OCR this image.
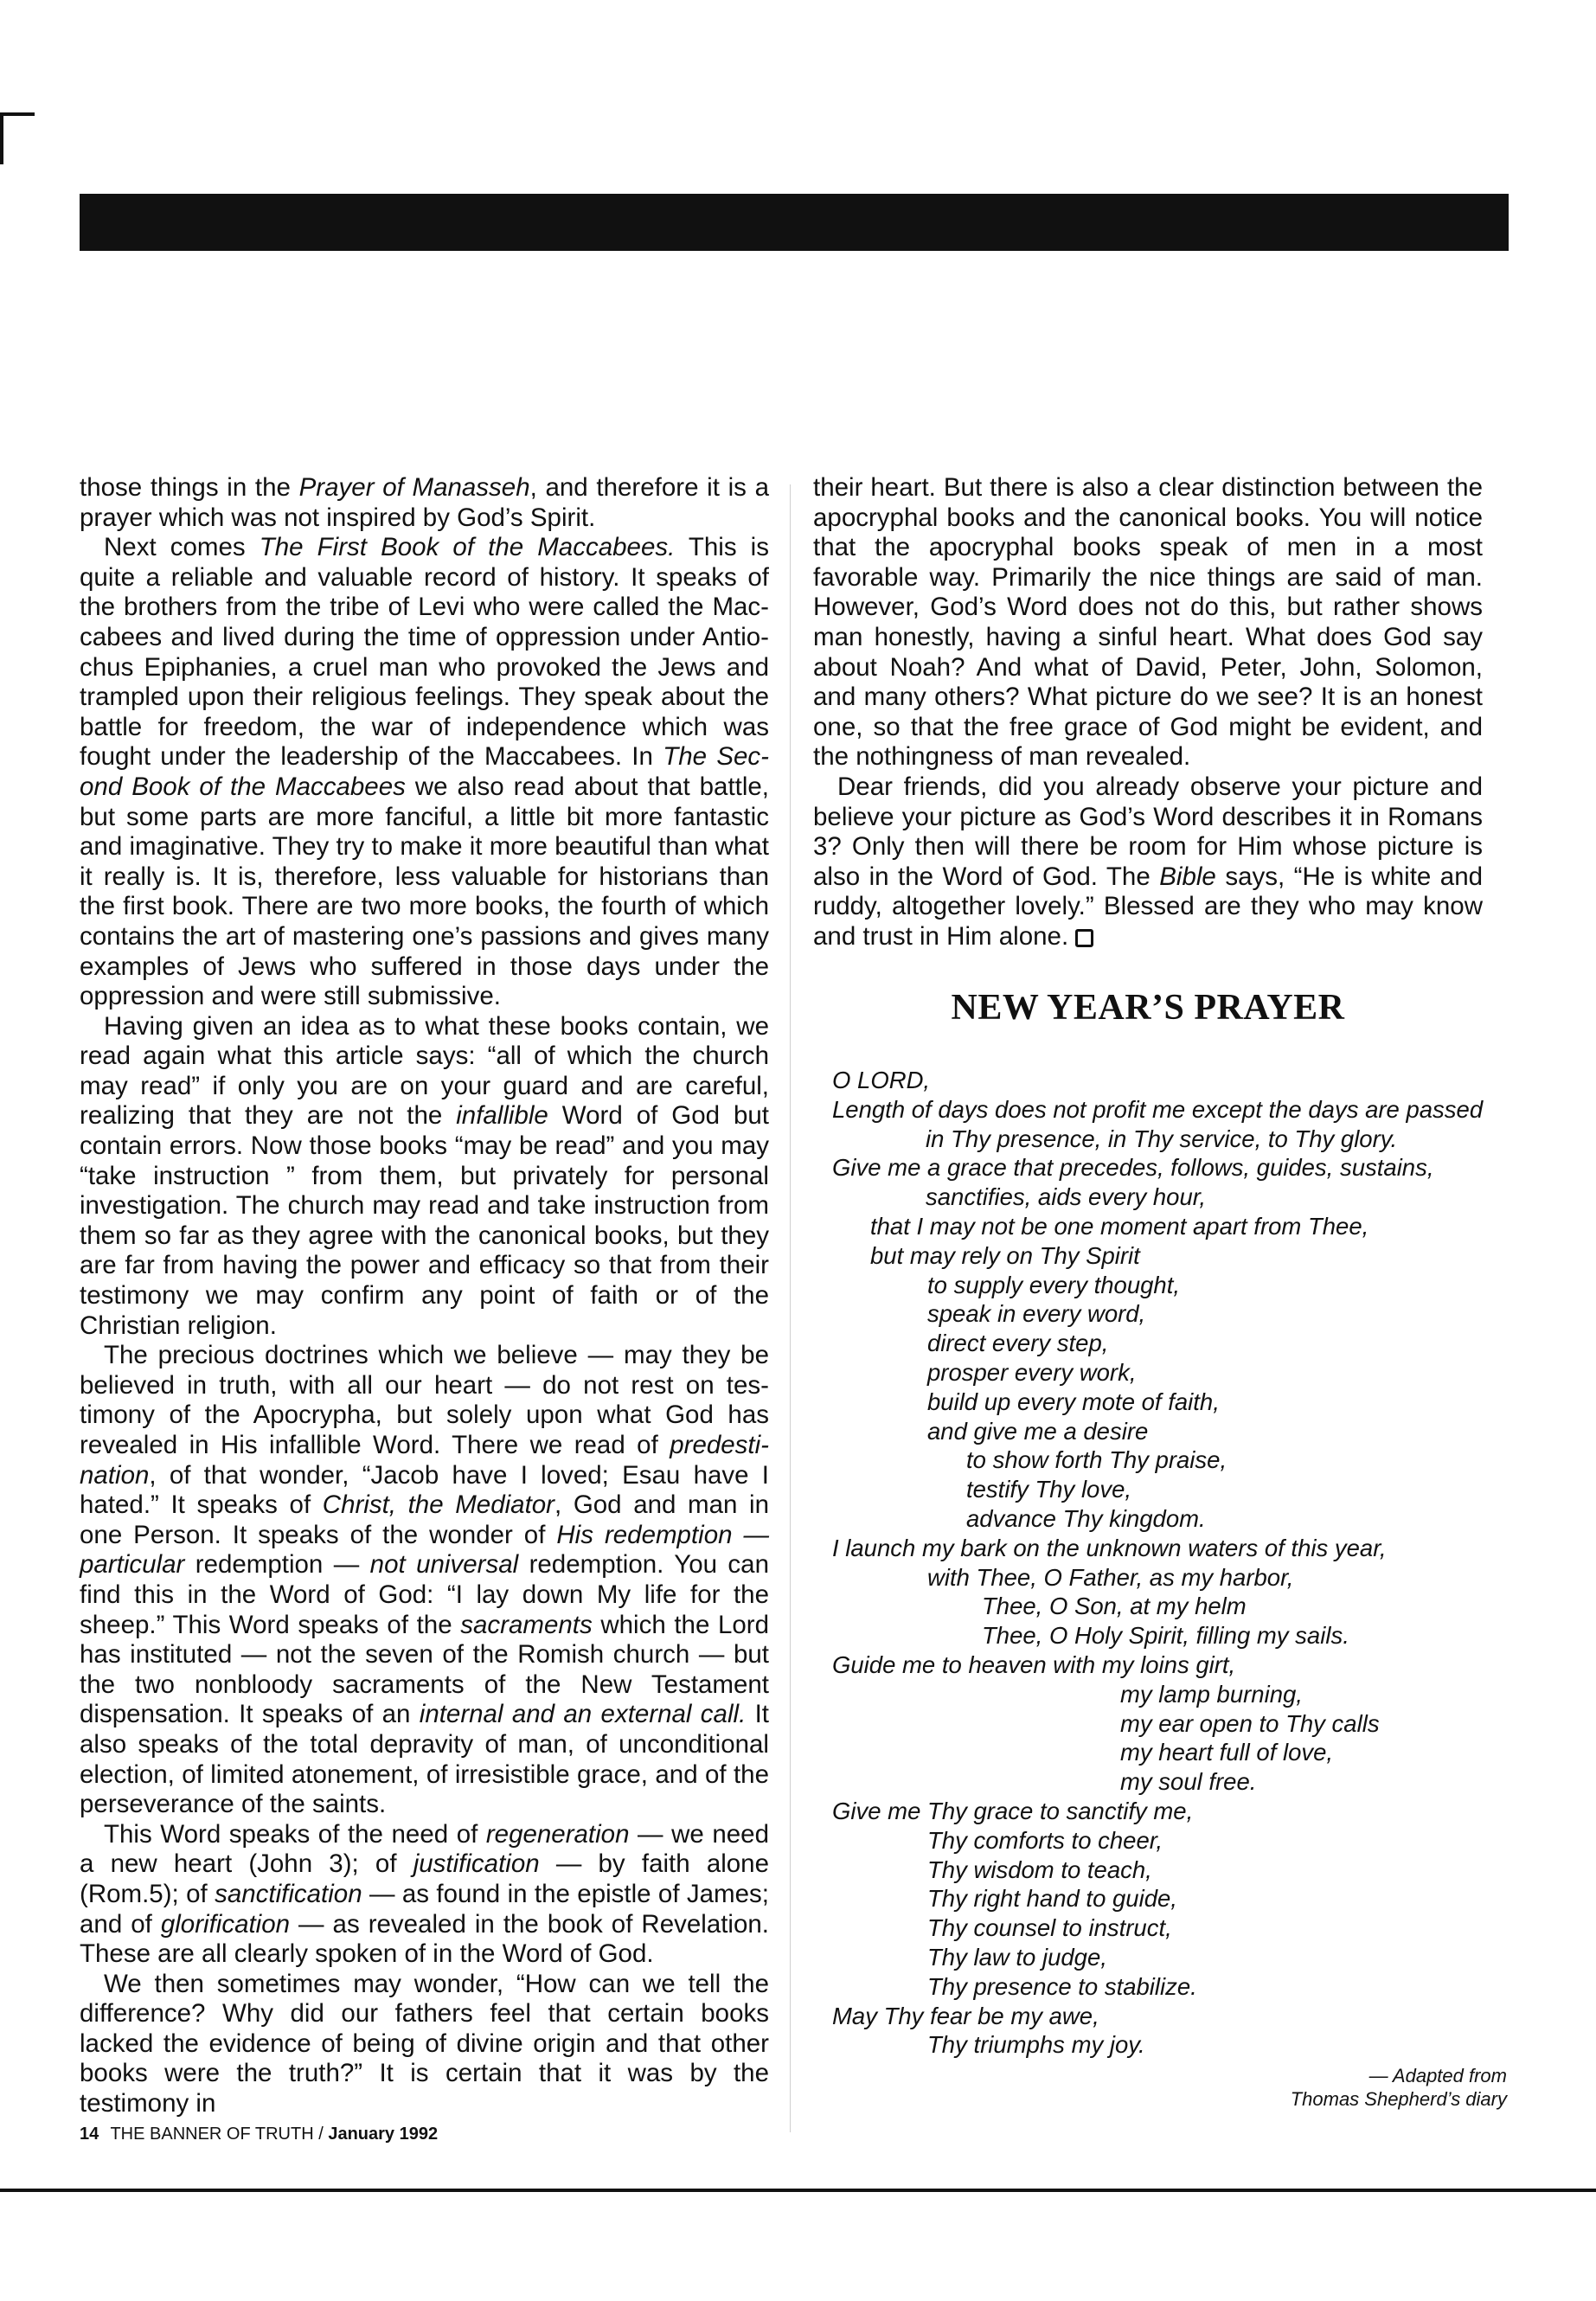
those things in the Prayer of Manasseh, and therefore it is a prayer which was not inspired by God’s Spirit.

Next comes The First Book of the Maccabees. This is quite a reliable and valuable record of history. It speaks of the brothers from the tribe of Levi who were called the Maccabees and lived during the time of oppression under Antiochus Epiphanies, a cruel man who provoked the Jews and trampled upon their religious feelings. They speak about the battle for freedom, the war of independence which was fought under the leadership of the Maccabees. In The Second Book of the Maccabees we also read about that battle, but some parts are more fanciful, a little bit more fantastic and imaginative. They try to make it more beautiful than what it really is. It is, therefore, less valuable for historians than the first book. There are two more books, the fourth of which contains the art of mastering one’s passions and gives many examples of Jews who suffered in those days under the oppression and were still submissive.

Having given an idea as to what these books contain, we read again what this article says: “all of which the church may read” if only you are on your guard and are careful, realizing that they are not the infallible Word of God but contain errors. Now those books “may be read” and you may “take instruction ” from them, but privately for personal investigation. The church may read and take instruction from them so far as they agree with the canonical books, but they are far from having the power and efficacy so that from their testimony we may confirm any point of faith or of the Christian religion.

The precious doctrines which we believe — may they be believed in truth, with all our heart — do not rest on testimony of the Apocrypha, but solely upon what God has revealed in His infallible Word. There we read of predestination, of that wonder, “Jacob have I loved; Esau have I hated.” It speaks of Christ, the Mediator, God and man in one Person. It speaks of the wonder of His redemption — particular redemption — not universal redemption. You can find this in the Word of God: “I lay down My life for the sheep.” This Word speaks of the sacraments which the Lord has instituted — not the seven of the Romish church — but the two nonbloody sacraments of the New Testament dispensation. It speaks of an internal and an external call. It also speaks of the total depravity of man, of unconditional election, of limited atonement, of irresistible grace, and of the perseverance of the saints.

This Word speaks of the need of regeneration — we need a new heart (John 3); of justification — by faith alone (Rom.5); of sanctification — as found in the epistle of James; and of glorification — as revealed in the book of Revelation. These are all clearly spoken of in the Word of God.

We then sometimes may wonder, “How can we tell the difference? Why did our fathers feel that certain books lacked the evidence of being of divine origin and that other books were the truth?” It is certain that it was by the testimony in

their heart. But there is also a clear distinction between the apocryphal books and the canonical books. You will notice that the apocryphal books speak of men in a most favorable way. Primarily the nice things are said of man. However, God’s Word does not do this, but rather shows man honestly, having a sinful heart. What does God say about Noah? And what of David, Peter, John, Solomon, and many others? What picture do we see? It is an honest one, so that the free grace of God might be evident, and the nothingness of man revealed.

Dear friends, did you already observe your picture and believe your picture as God’s Word describes it in Romans 3? Only then will there be room for Him whose picture is also in the Word of God. The Bible says, “He is white and ruddy, altogether lovely.” Blessed are they who may know and trust in Him alone.

NEW YEAR’S PRAYER
O LORD,
Length of days does not profit me except the days are passed
in Thy presence, in Thy service, to Thy glory.
Give me a grace that precedes, follows, guides, sustains,
sanctifies, aids every hour,
that I may not be one moment apart from Thee,
but may rely on Thy Spirit
to supply every thought,
speak in every word,
direct every step,
prosper every work,
build up every mote of faith,
and give me a desire
to show forth Thy praise,
testify Thy love,
advance Thy kingdom.
I launch my bark on the unknown waters of this year,
with Thee, O Father, as my harbor,
Thee, O Son, at my helm
Thee, O Holy Spirit, filling my sails.
Guide me to heaven with my loins girt,
my lamp burning,
my ear open to Thy calls
my heart full of love,
my soul free.
Give me Thy grace to sanctify me,
Thy comforts to cheer,
Thy wisdom to teach,
Thy right hand to guide,
Thy counsel to instruct,
Thy law to judge,
Thy presence to stabilize.
May Thy fear be my awe,
Thy triumphs my joy.
— Adapted from
Thomas Shepherd’s diary
14 THE BANNER OF TRUTH / January 1992
